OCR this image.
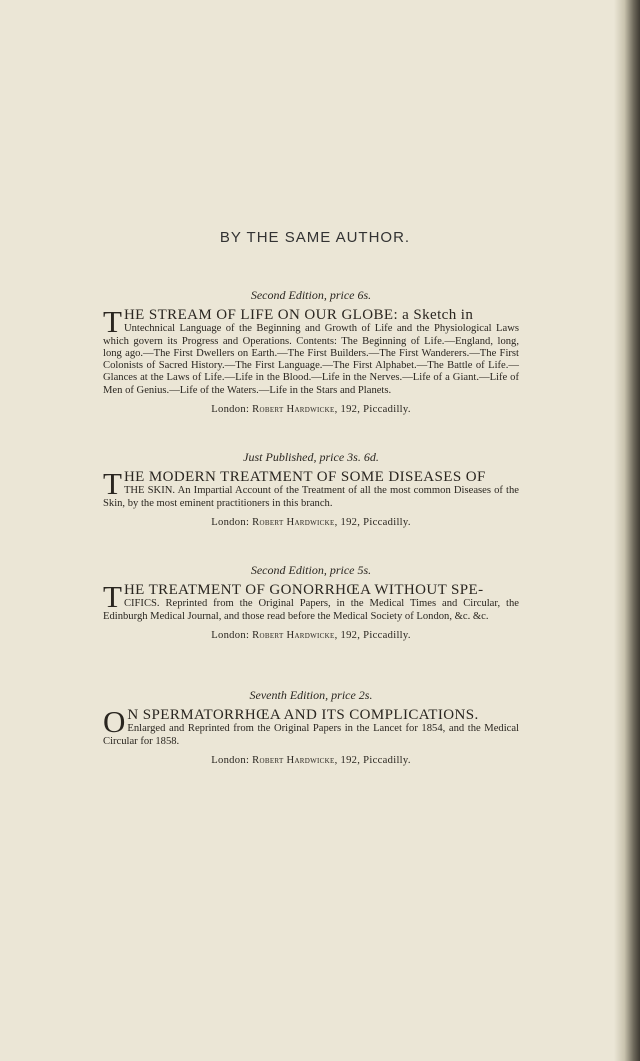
BY THE SAME AUTHOR.
Second Edition, price 6s.
THE STREAM OF LIFE ON OUR GLOBE: a Sketch in
Untechnical Language of the Beginning and Growth of Life and the Physiological Laws which govern its Progress and Operations. Contents: The Beginning of Life.—England, long, long ago.—The First Dwellers on Earth.—The First Builders.—The First Wanderers.—The First Colonists of Sacred History.—The First Language.—The First Alphabet.—The Battle of Life.—Glances at the Laws of Life.—Life in the Blood.—Life in the Nerves.—Life of a Giant.—Life of Men of Genius.—Life of the Waters.—Life in the Stars and Planets.
London: Robert Hardwicke, 192, Piccadilly.
Just Published, price 3s. 6d.
THE MODERN TREATMENT OF SOME DISEASES OF
THE SKIN. An Impartial Account of the Treatment of all the most common Diseases of the Skin, by the most eminent practitioners in this branch.
London: Robert Hardwicke, 192, Piccadilly.
Second Edition, price 5s.
THE TREATMENT OF GONORRHŒA WITHOUT SPE-
CIFICS. Reprinted from the Original Papers, in the Medical Times and Circular, the Edinburgh Medical Journal, and those read before the Medical Society of London, &c. &c.
London: Robert Hardwicke, 192, Piccadilly.
Seventh Edition, price 2s.
O N SPERMATORRHŒA AND ITS COMPLICATIONS.
Enlarged and Reprinted from the Original Papers in the Lancet for 1854, and the Medical Circular for 1858.
London: Robert Hardwicke, 192, Piccadilly.
